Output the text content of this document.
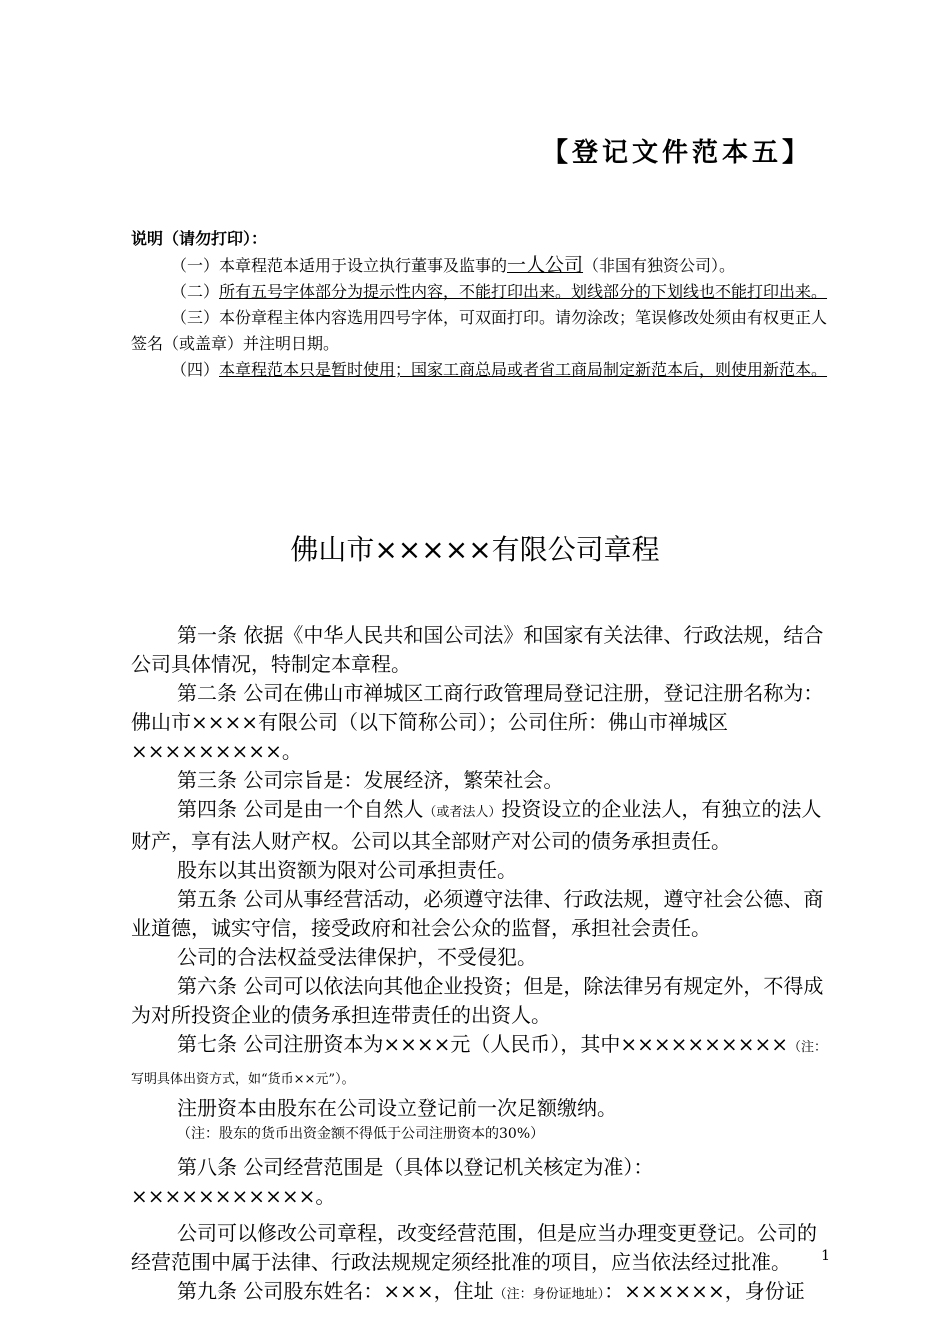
【登记文件范本五】

说明（请勿打印）：

（一）本章程范本适用于设立执行董事及监事的一人公司（非国有独资公司）。

（二）所有五号字体部分为提示性内容，不能打印出来。划线部分的下划线也不能打印出来。

（三）本份章程主体内容选用四号字体，可双面打印。请勿涂改；笔误修改处须由有权更正人签名（或盖章）并注明日期。

（四）本章程范本只是暂时使用；国家工商总局或者省工商局制定新范本后，则使用新范本。

佛山市×××××有限公司章程

第一条 依据《中华人民共和国公司法》和国家有关法律、行政法规，结合公司具体情况，特制定本章程。

第二条 公司在佛山市禅城区工商行政管理局登记注册，登记注册名称为：佛山市××××有限公司（以下简称公司）；公司住所：佛山市禅城区×××××××××。

第三条 公司宗旨是：发展经济，繁荣社会。

第四条 公司是由一个自然人（或者法人）投资设立的企业法人，有独立的法人财产，享有法人财产权。公司以其全部财产对公司的债务承担责任。

股东以其出资额为限对公司承担责任。

第五条 公司从事经营活动，必须遵守法律、行政法规，遵守社会公德、商业道德，诚实守信，接受政府和社会公众的监督，承担社会责任。

公司的合法权益受法律保护，不受侵犯。

第六条 公司可以依法向其他企业投资；但是，除法律另有规定外，不得成为对所投资企业的债务承担连带责任的出资人。

第七条 公司注册资本为××××元（人民币），其中××××××××××（注：写明具体出资方式，如“货币××元”）。

注册资本由股东在公司设立登记前一次足额缴纳。

（注：股东的货币出资金额不得低于公司注册资本的30%）

第八条 公司经营范围是（具体以登记机关核定为准）：×××××××××××。

公司可以修改公司章程，改变经营范围，但是应当办理变更登记。公司的经营范围中属于法律、行政法规规定须经批准的项目，应当依法经过批准。

第九条 公司股东姓名：×××，住址（注：身份证地址）：××××××，身份证

1
